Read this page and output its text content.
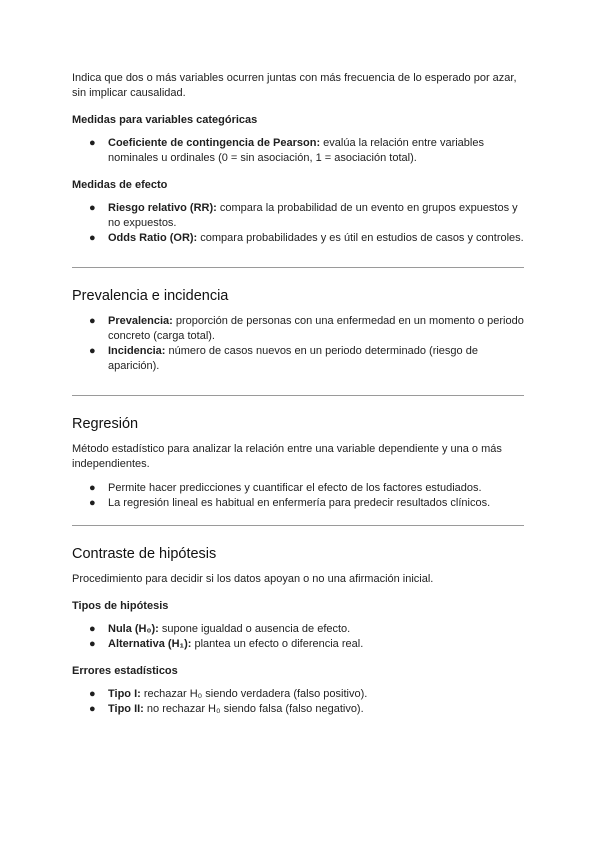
Indica que dos o más variables ocurren juntas con más frecuencia de lo esperado por azar, sin implicar causalidad.

Medidas para variables categóricas

● Coeficiente de contingencia de Pearson: evalúa la relación entre variables nominales u ordinales (0 = sin asociación, 1 = asociación total).

Medidas de efecto

● Riesgo relativo (RR): compara la probabilidad de un evento en grupos expuestos y no expuestos.
● Odds Ratio (OR): compara probabilidades y es útil en estudios de casos y controles.
Prevalencia e incidencia
● Prevalencia: proporción de personas con una enfermedad en un momento o periodo concreto (carga total).
● Incidencia: número de casos nuevos en un periodo determinado (riesgo de aparición).
Regresión

Método estadístico para analizar la relación entre una variable dependiente y una o más independientes.

● Permite hacer predicciones y cuantificar el efecto de los factores estudiados.
● La regresión lineal es habitual en enfermería para predecir resultados clínicos.
Contraste de hipótesis

Procedimiento para decidir si los datos apoyan o no una afirmación inicial.

Tipos de hipótesis

● Nula (H₀): supone igualdad o ausencia de efecto.
● Alternativa (H₁): plantea un efecto o diferencia real.

Errores estadísticos

● Tipo I: rechazar H₀ siendo verdadera (falso positivo).
● Tipo II: no rechazar H₀ siendo falsa (falso negativo).
